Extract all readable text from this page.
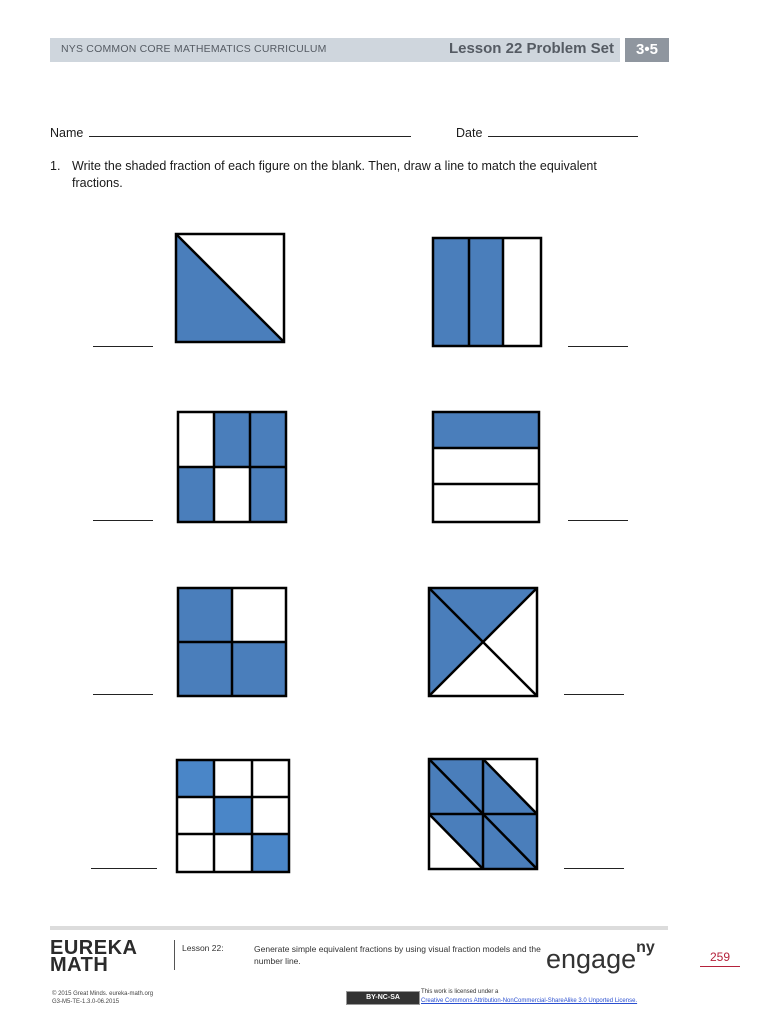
NYS COMMON CORE MATHEMATICS CURRICULUM	Lesson 22 Problem Set	3•5
Name	Date
1. Write the shaded fraction of each figure on the blank. Then, draw a line to match the equivalent fractions.
EUREKA
MATH
Lesson 22:	Generate simple equivalent fractions by using visual fraction models and the number line.	engage$^{ny}$
259
© 2015 Great Minds. eureka-math.org
G3-M5-TE-1.3.0-06.2015
BY-NC-SA
This work is licensed under a
Creative Commons Attribution-NonCommercial-ShareAlike 3.0 Unported License.
